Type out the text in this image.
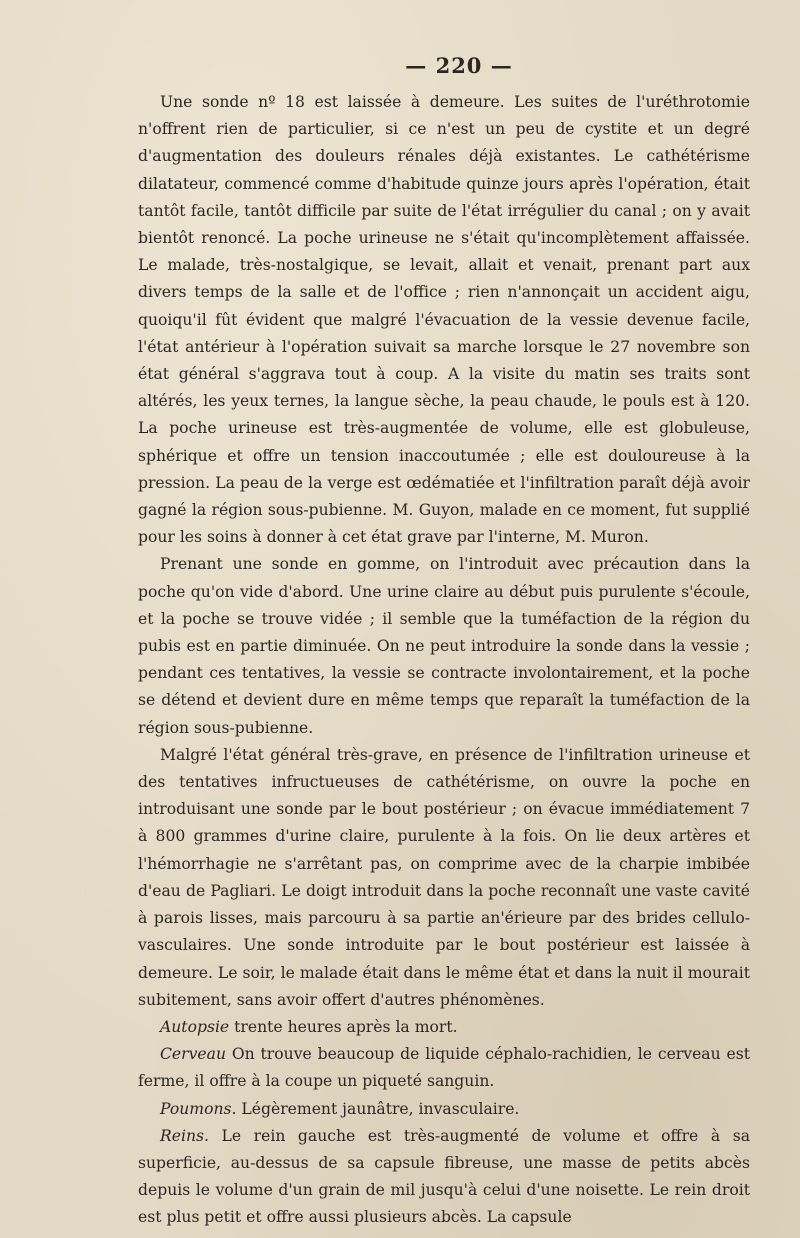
— 220 —

Une sonde nº 18 est laissée à demeure. Les suites de l'uréthrotomie n'offrent rien de particulier, si ce n'est un peu de cystite et un degré d'augmentation des douleurs rénales déjà existantes. Le cathétérisme dilatateur, commencé comme d'habitude quinze jours après l'opération, était tantôt facile, tantôt difficile par suite de l'état irrégulier du canal ; on y avait bientôt renoncé. La poche urineuse ne s'était qu'incomplètement affaissée. Le malade, très-nostalgique, se levait, allait et venait, prenant part aux divers temps de la salle et de l'office ; rien n'annonçait un accident aigu, quoiqu'il fût évident que malgré l'évacuation de la vessie devenue facile, l'état antérieur à l'opération suivait sa marche lorsque le 27 novembre son état général s'aggrava tout à coup. A la visite du matin ses traits sont altérés, les yeux ternes, la langue sèche, la peau chaude, le pouls est à 120. La poche urineuse est très-augmentée de volume, elle est globuleuse, sphérique et offre un tension inaccoutumée ; elle est douloureuse à la pression. La peau de la verge est œdématiée et l'infiltration paraît déjà avoir gagné la région sous-pubienne. M. Guyon, malade en ce moment, fut supplié pour les soins à donner à cet état grave par l'interne, M. Muron.

Prenant une sonde en gomme, on l'introduit avec précaution dans la poche qu'on vide d'abord. Une urine claire au début puis purulente s'écoule, et la poche se trouve vidée ; il semble que la tuméfaction de la région du pubis est en partie diminuée. On ne peut introduire la sonde dans la vessie ; pendant ces tentatives, la vessie se contracte involontairement, et la poche se détend et devient dure en même temps que reparaît la tuméfaction de la région sous-pubienne.

Malgré l'état général très-grave, en présence de l'infiltration urineuse et des tentatives infructueuses de cathétérisme, on ouvre la poche en introduisant une sonde par le bout postérieur ; on évacue immédiatement 7 à 800 grammes d'urine claire, purulente à la fois. On lie deux artères et l'hémorrhagie ne s'arrêtant pas, on comprime avec de la charpie imbibée d'eau de Pagliari. Le doigt introduit dans la poche reconnaît une vaste cavité à parois lisses, mais parcouru à sa partie an'érieure par des brides cellulo-vasculaires. Une sonde introduite par le bout postérieur est laissée à demeure. Le soir, le malade était dans le même état et dans la nuit il mourait subitement, sans avoir offert d'autres phénomènes.

Autopsie trente heures après la mort.

Cerveau On trouve beaucoup de liquide céphalo-rachidien, le cerveau est ferme, il offre à la coupe un piqueté sanguin.

Poumons. Légèrement jaunâtre, invasculaire.

Reins. Le rein gauche est très-augmenté de volume et offre à sa superficie, au-dessus de sa capsule fibreuse, une masse de petits abcès depuis le volume d'un grain de mil jusqu'à celui d'une noisette. Le rein droit est plus petit et offre aussi plusieurs abcès. La capsule
